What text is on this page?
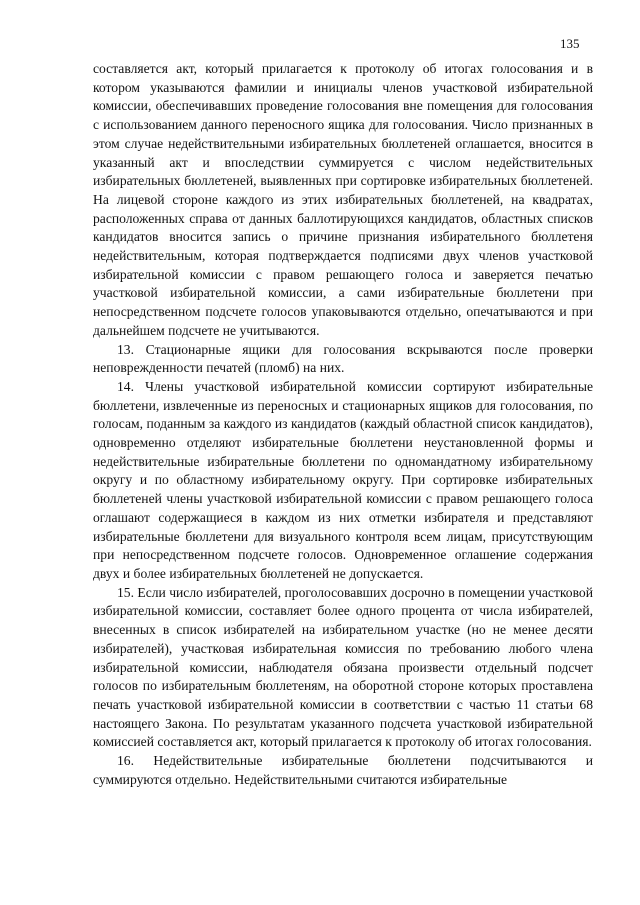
135

составляется акт, который прилагается к протоколу об итогах голосования и в котором указываются фамилии и инициалы членов участковой избирательной комиссии, обеспечивавших проведение голосования вне помещения для голосования с использованием данного переносного ящика для голосования. Число признанных в этом случае недействительными избирательных бюллетеней оглашается, вносится в указанный акт и впоследствии суммируется с числом недействительных избирательных бюллетеней, выявленных при сортировке избирательных бюллетеней. На лицевой стороне каждого из этих избирательных бюллетеней, на квадратах, расположенных справа от данных баллотирующихся кандидатов, областных списков кандидатов вносится запись о причине признания избирательного бюллетеня недействительным, которая подтверждается подписями двух членов участковой избирательной комиссии с правом решающего голоса и заверяется печатью участковой избирательной комиссии, а сами избирательные бюллетени при непосредственном подсчете голосов упаковываются отдельно, опечатываются и при дальнейшем подсчете не учитываются.

13. Стационарные ящики для голосования вскрываются после проверки неповрежденности печатей (пломб) на них.

14. Члены участковой избирательной комиссии сортируют избирательные бюллетени, извлеченные из переносных и стационарных ящиков для голосования, по голосам, поданным за каждого из кандидатов (каждый областной список кандидатов), одновременно отделяют избирательные бюллетени неустановленной формы и недействительные избирательные бюллетени по одномандатному избирательному округу и по областному избирательному округу. При сортировке избирательных бюллетеней члены участковой избирательной комиссии с правом решающего голоса оглашают содержащиеся в каждом из них отметки избирателя и представляют избирательные бюллетени для визуального контроля всем лицам, присутствующим при непосредственном подсчете голосов. Одновременное оглашение содержания двух и более избирательных бюллетеней не допускается.

15. Если число избирателей, проголосовавших досрочно в помещении участковой избирательной комиссии, составляет более одного процента от числа избирателей, внесенных в список избирателей на избирательном участке (но не менее десяти избирателей), участковая избирательная комиссия по требованию любого члена избирательной комиссии, наблюдателя обязана произвести отдельный подсчет голосов по избирательным бюллетеням, на оборотной стороне которых проставлена печать участковой избирательной комиссии в соответствии с частью 11 статьи 68 настоящего Закона. По результатам указанного подсчета участковой избирательной комиссией составляется акт, который прилагается к протоколу об итогах голосования.

16. Недействительные избирательные бюллетени подсчитываются и суммируются отдельно. Недействительными считаются избирательные
